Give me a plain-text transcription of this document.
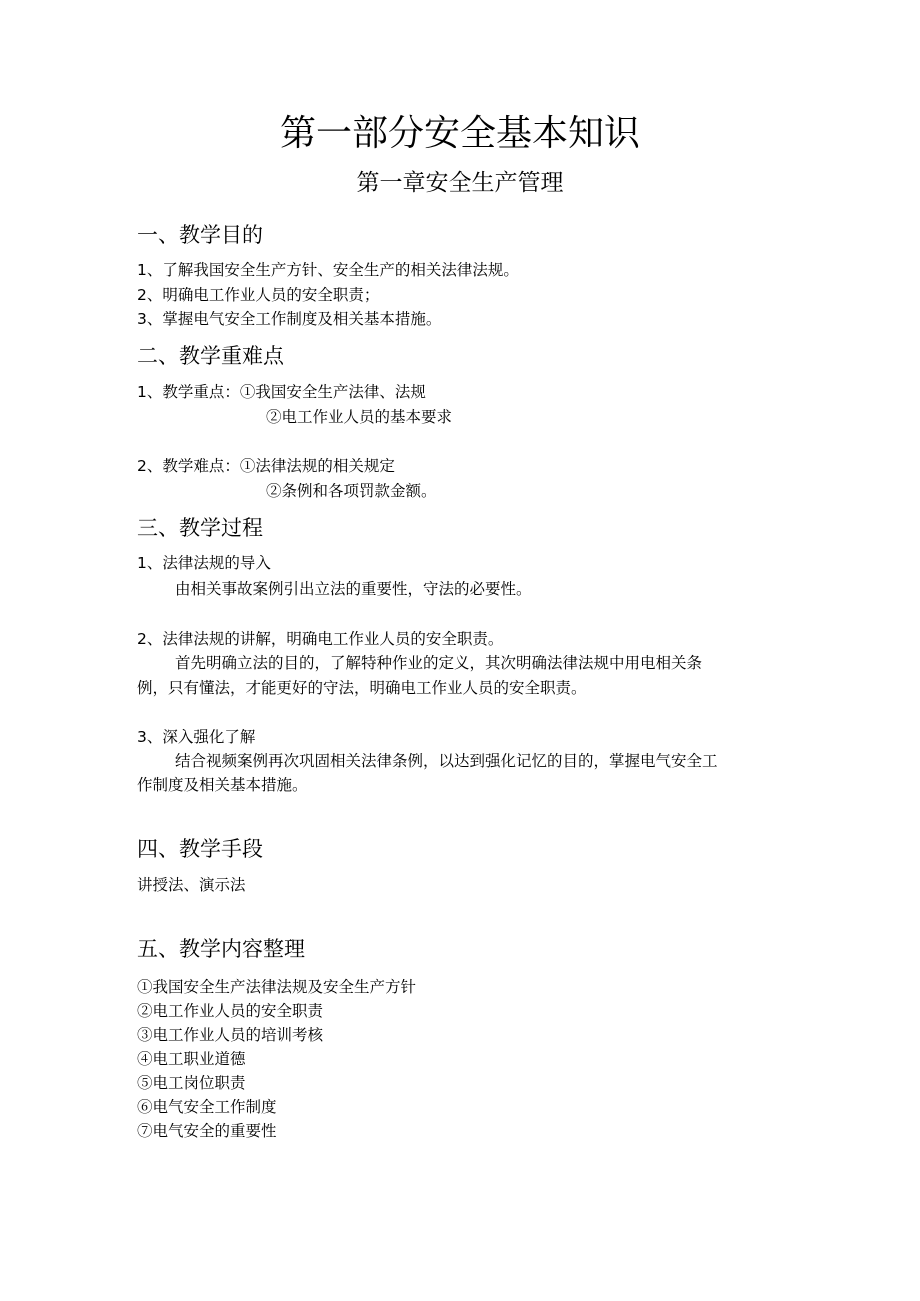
第一部分安全基本知识
第一章安全生产管理
一、教学目的
1、了解我国安全生产方针、安全生产的相关法律法规。
2、明确电工作业人员的安全职责；
3、掌握电气安全工作制度及相关基本措施。
二、教学重难点
1、教学重点：①我国安全生产法律、法规
②电工作业人员的基本要求
2、教学难点：①法律法规的相关规定
②条例和各项罚款金额。
三、教学过程
1、法律法规的导入
由相关事故案例引出立法的重要性，守法的必要性。
2、法律法规的讲解，明确电工作业人员的安全职责。
首先明确立法的目的，了解特种作业的定义，其次明确法律法规中用电相关条
例，只有懂法，才能更好的守法，明确电工作业人员的安全职责。
3、深入强化了解
结合视频案例再次巩固相关法律条例，以达到强化记忆的目的，掌握电气安全工
作制度及相关基本措施。
四、教学手段
讲授法、演示法
五、教学内容整理
①我国安全生产法律法规及安全生产方针
②电工作业人员的安全职责
③电工作业人员的培训考核
④电工职业道德
⑤电工岗位职责
⑥电气安全工作制度
⑦电气安全的重要性
